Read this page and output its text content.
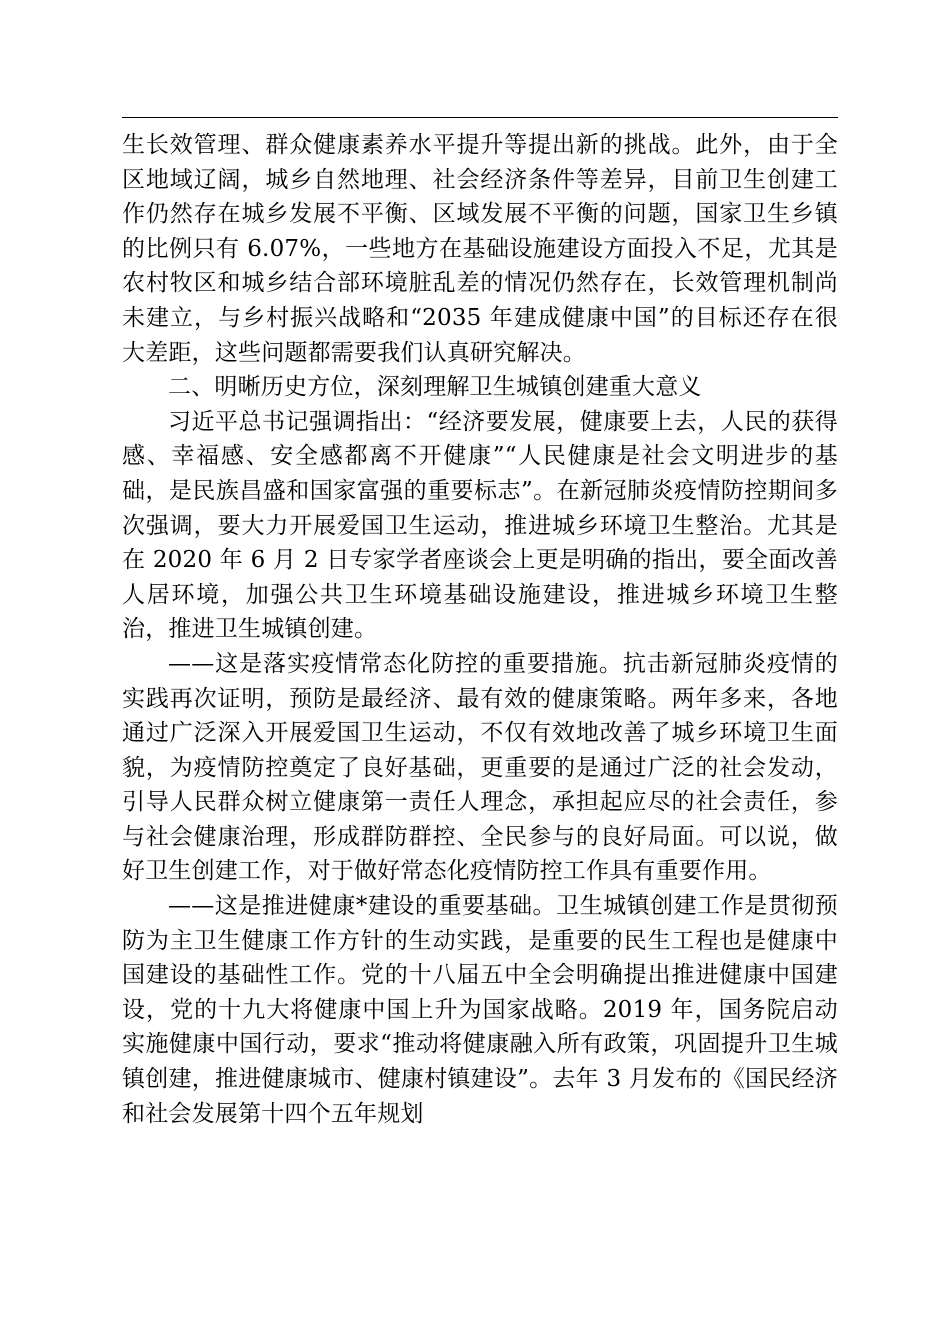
生长效管理、群众健康素养水平提升等提出新的挑战。此外，由于全区地域辽阔，城乡自然地理、社会经济条件等差异，目前卫生创建工作仍然存在城乡发展不平衡、区域发展不平衡的问题，国家卫生乡镇的比例只有 6.07%，一些地方在基础设施建设方面投入不足，尤其是农村牧区和城乡结合部环境脏乱差的情况仍然存在，长效管理机制尚未建立，与乡村振兴战略和“2035 年建成健康中国”的目标还存在很大差距，这些问题都需要我们认真研究解决。

二、明晰历史方位，深刻理解卫生城镇创建重大意义

习近平总书记强调指出：“经济要发展，健康要上去，人民的获得感、幸福感、安全感都离不开健康”“人民健康是社会文明进步的基础，是民族昌盛和国家富强的重要标志”。在新冠肺炎疫情防控期间多次强调，要大力开展爱国卫生运动，推进城乡环境卫生整治。尤其是在 2020 年 6 月 2 日专家学者座谈会上更是明确的指出，要全面改善人居环境，加强公共卫生环境基础设施建设，推进城乡环境卫生整治，推进卫生城镇创建。

——这是落实疫情常态化防控的重要措施。抗击新冠肺炎疫情的实践再次证明，预防是最经济、最有效的健康策略。两年多来，各地通过广泛深入开展爱国卫生运动，不仅有效地改善了城乡环境卫生面貌，为疫情防控奠定了良好基础，更重要的是通过广泛的社会发动，引导人民群众树立健康第一责任人理念，承担起应尽的社会责任，参与社会健康治理，形成群防群控、全民参与的良好局面。可以说，做好卫生创建工作，对于做好常态化疫情防控工作具有重要作用。

——这是推进健康*建设的重要基础。卫生城镇创建工作是贯彻预防为主卫生健康工作方针的生动实践，是重要的民生工程也是健康中国建设的基础性工作。党的十八届五中全会明确提出推进健康中国建设，党的十九大将健康中国上升为国家战略。2019 年，国务院启动实施健康中国行动，要求“推动将健康融入所有政策，巩固提升卫生城镇创建，推进健康城市、健康村镇建设”。去年 3 月发布的《国民经济和社会发展第十四个五年规划
